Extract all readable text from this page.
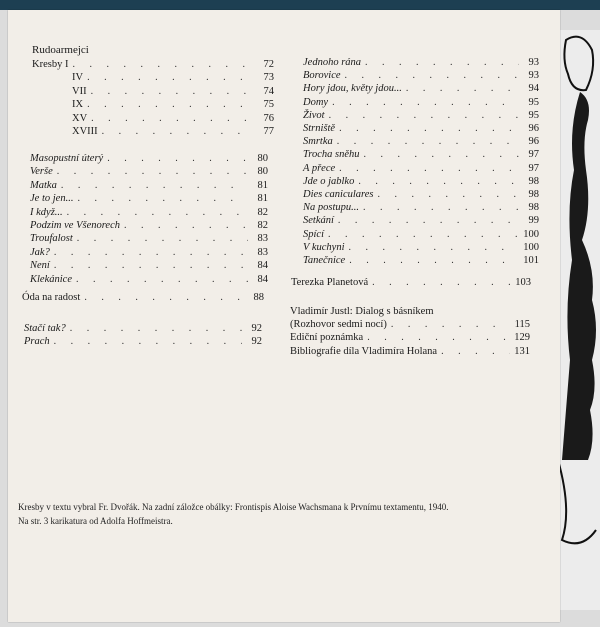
Rudoarmejci
Kresby I . . .	72
IV . . .	73
VII . . .	74
IX . . .	75
XV . . .	76
XVIII . . .	77
Masopustní úterý . . .	80
Verše . . .	80
Matka . . .	81
Je to jen... . . .	81
I když... . . .	82
Podzim ve Všenorech . . .	82
Troufalost . . .	83
Jak? . . .	83
Není . . .	84
Klekánice . . .	84
Óda na radost . . .	88
Stačí tak? . . .	92
Prach . . .	92
Jednoho rána . . .	93
Borovice . . .	93
Hory jdou, květy jdou... . . .	94
Domy . . .	95
Život . . .	95
Strniště . . .	96
Smrtka . . .	96
Trocha sněhu . . .	97
A přece . . .	97
Jde o jablko . . .	98
Dies caniculares . . .	98
Na postupu... . . .	98
Setkání . . .	99
Spící . . .	100
V kuchyni . . .	100
Tanečnice . . .	101
Terezka Planetová . . .	103
Vladimír Justl: Dialog s básníkem
(Rozhovor sedmi nocí) . . .	115
Ediční poznámka . . .	129
Bibliografie díla Vladimíra Holana . . .	131
Kresby v textu vybral Fr. Dvořák. Na zadní záložce obálky: Frontispis Aloise Wachsmana k Prvnímu textamentu, 1940.
Na str. 3 karikatura od Adolfa Hoffmeistra.
